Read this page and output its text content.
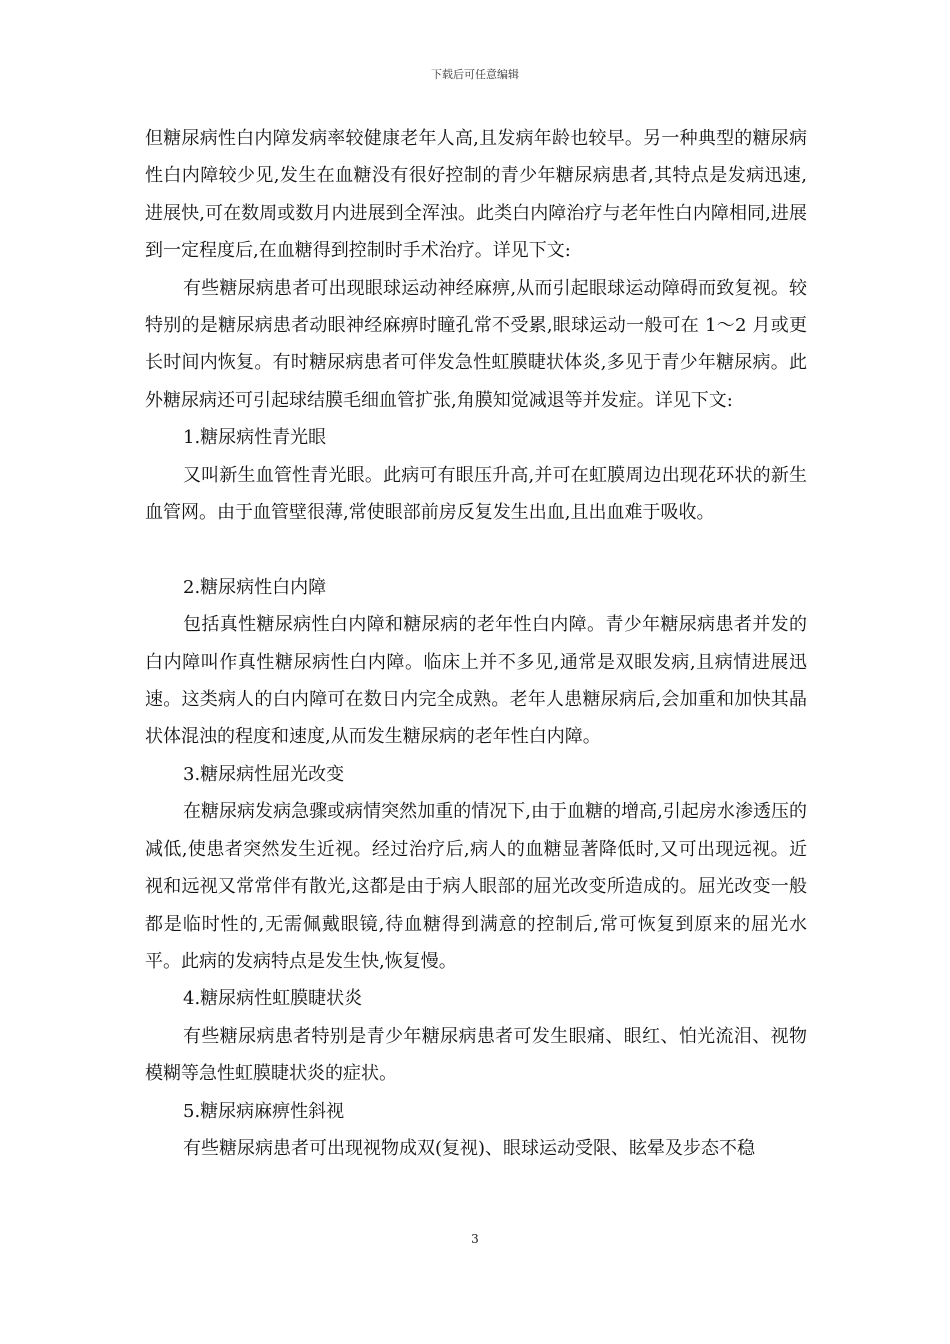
下载后可任意编辑

但糖尿病性白内障发病率较健康老年人高,且发病年龄也较早。另一种典型的糖尿病性白内障较少见,发生在血糖没有很好控制的青少年糖尿病患者,其特点是发病迅速,进展快,可在数周或数月内进展到全浑浊。此类白内障治疗与老年性白内障相同,进展到一定程度后,在血糖得到控制时手术治疗。详见下文:

有些糖尿病患者可出现眼球运动神经麻痹,从而引起眼球运动障碍而致复视。较特别的是糖尿病患者动眼神经麻痹时瞳孔常不受累,眼球运动一般可在 1～2 月或更长时间内恢复。有时糖尿病患者可伴发急性虹膜睫状体炎,多见于青少年糖尿病。此外糖尿病还可引起球结膜毛细血管扩张,角膜知觉减退等并发症。详见下文:

1.糖尿病性青光眼

又叫新生血管性青光眼。此病可有眼压升高,并可在虹膜周边出现花环状的新生血管网。由于血管壁很薄,常使眼部前房反复发生出血,且出血难于吸收。

2.糖尿病性白内障

包括真性糖尿病性白内障和糖尿病的老年性白内障。青少年糖尿病患者并发的白内障叫作真性糖尿病性白内障。临床上并不多见,通常是双眼发病,且病情进展迅速。这类病人的白内障可在数日内完全成熟。老年人患糖尿病后,会加重和加快其晶状体混浊的程度和速度,从而发生糖尿病的老年性白内障。

3.糖尿病性屈光改变

在糖尿病发病急骤或病情突然加重的情况下,由于血糖的增高,引起房水渗透压的减低,使患者突然发生近视。经过治疗后,病人的血糖显著降低时,又可出现远视。近视和远视又常常伴有散光,这都是由于病人眼部的屈光改变所造成的。屈光改变一般都是临时性的,无需佩戴眼镜,待血糖得到满意的控制后,常可恢复到原来的屈光水平。此病的发病特点是发生快,恢复慢。

4.糖尿病性虹膜睫状炎

有些糖尿病患者特别是青少年糖尿病患者可发生眼痛、眼红、怕光流泪、视物模糊等急性虹膜睫状炎的症状。

5.糖尿病麻痹性斜视

有些糖尿病患者可出现视物成双(复视)、眼球运动受限、眩晕及步态不稳

3
